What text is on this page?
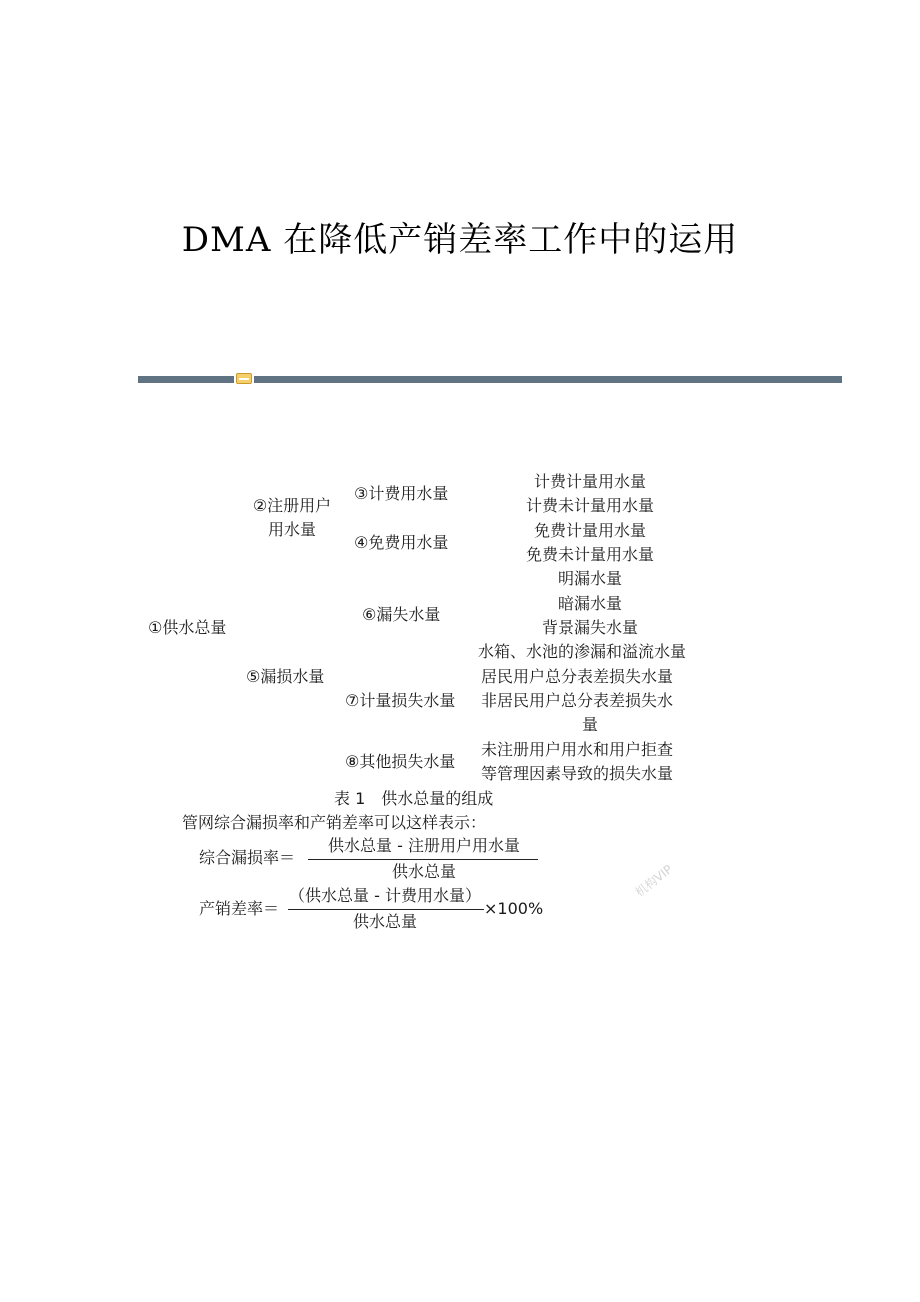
DMA 在降低产销差率工作中的运用
①供水总量
②注册用户
用水量
③计费用水量
④免费用水量
⑤漏损水量
⑥漏失水量
⑦计量损失水量
⑧其他损失水量
计费计量用水量
计费未计量用水量
免费计量用水量
免费未计量用水量
明漏水量
暗漏水量
背景漏失水量
水箱、水池的渗漏和溢流水量
居民用户总分表差损失水量
非居民用户总分表差损失水
量
未注册用户用水和用户拒查
等管理因素导致的损失水量
表 1　供水总量的组成
管网综合漏损率和产销差率可以这样表示：
综合漏损率＝
供水总量 - 注册用户用水量
供水总量
产销差率＝
（供水总量 - 计费用水量）
供水总量
×100%
机构VIP
